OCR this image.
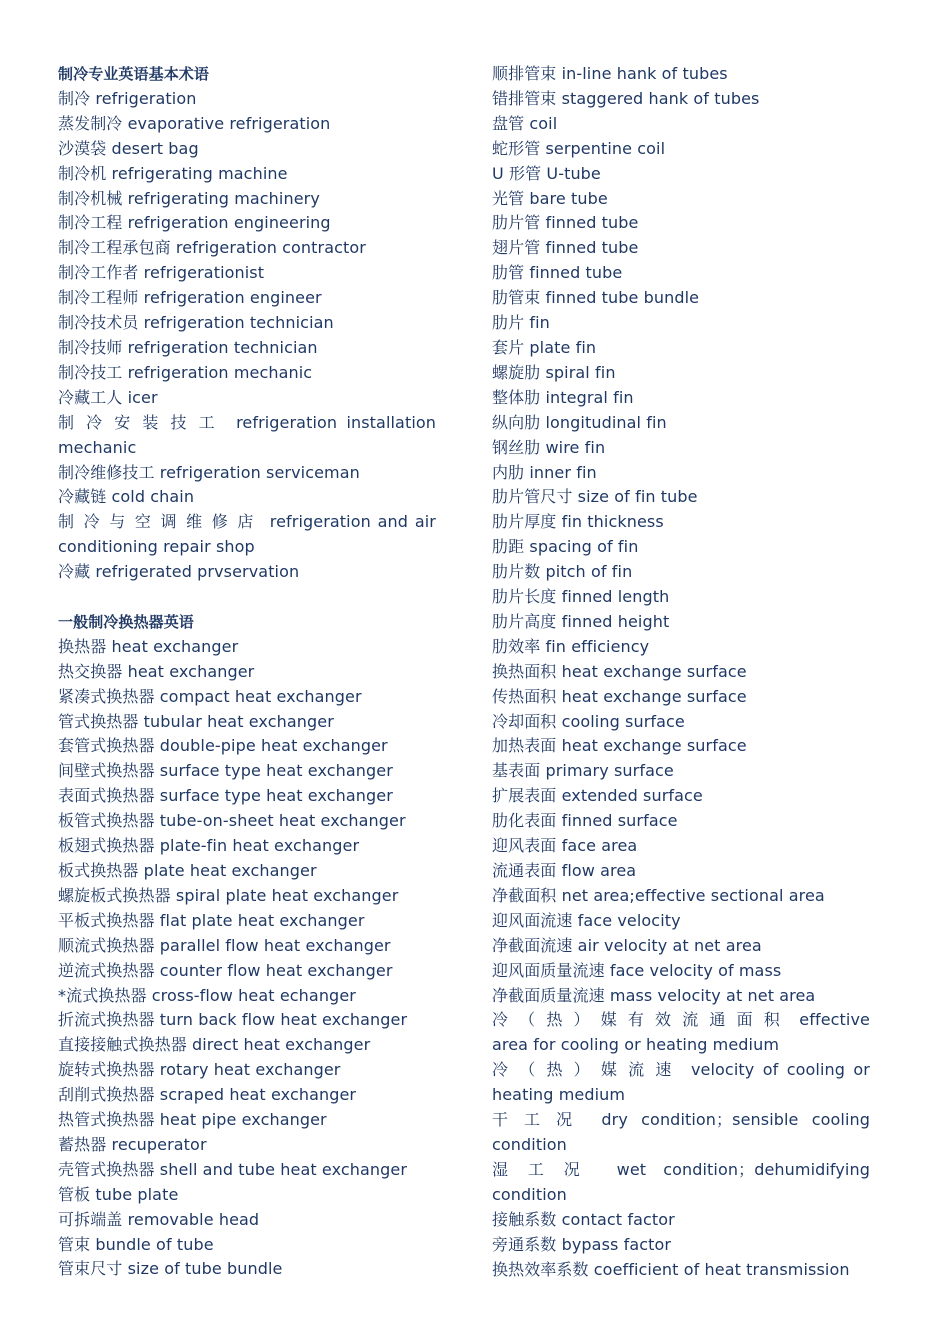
制冷专业英语基本术语
制冷 refrigeration
蒸发制冷 evaporative refrigeration
沙漠袋 desert bag
制冷机 refrigerating machine
制冷机械 refrigerating machinery
制冷工程 refrigeration engineering
制冷工程承包商 refrigeration contractor
制冷工作者 refrigerationist
制冷工程师 refrigeration engineer
制冷技术员 refrigeration technician
制冷技师 refrigeration technician
制冷技工 refrigeration mechanic
冷藏工人 icer
制冷安装技工 refrigeration installation mechanic
制冷维修技工 refrigeration serviceman
冷藏链 cold chain
制冷与空调维修店 refrigeration and air conditioning repair shop
冷藏 refrigerated prvservation
一般制冷换热器英语
换热器 heat exchanger
热交换器 heat exchanger
紧凑式换热器 compact heat exchanger
管式换热器 tubular heat exchanger
套管式换热器 double-pipe heat exchanger
间壁式换热器 surface type heat exchanger
表面式换热器 surface type heat exchanger
板管式换热器 tube-on-sheet heat exchanger
板翅式换热器 plate-fin heat exchanger
板式换热器 plate heat exchanger
螺旋板式换热器 spiral plate heat exchanger
平板式换热器 flat plate heat exchanger
顺流式换热器 parallel flow heat exchanger
逆流式换热器 counter flow heat exchanger
*流式换热器 cross-flow heat echanger
折流式换热器 turn back flow heat exchanger
直接接触式换热器 direct heat exchanger
旋转式换热器 rotary heat exchanger
刮削式换热器 scraped heat exchanger
热管式换热器 heat pipe exchanger
蓄热器 recuperator
壳管式换热器 shell and tube heat exchanger
管板 tube plate
可拆端盖 removable head
管束 bundle of tube
管束尺寸 size of tube bundle
顺排管束 in-line hank of tubes
错排管束 staggered hank of tubes
盘管 coil
蛇形管 serpentine coil
U 形管 U-tube
光管 bare tube
肋片管 finned tube
翅片管 finned tube
肋管 finned tube
肋管束 finned tube bundle
肋片 fin
套片 plate fin
螺旋肋 spiral fin
整体肋 integral fin
纵向肋 longitudinal fin
钢丝肋 wire fin
内肋 inner fin
肋片管尺寸 size of fin tube
肋片厚度 fin thickness
肋距 spacing of fin
肋片数 pitch of fin
肋片长度 finned length
肋片高度 finned height
肋效率 fin efficiency
换热面积 heat exchange surface
传热面积 heat exchange surface
冷却面积 cooling surface
加热表面 heat exchange surface
基表面 primary surface
扩展表面 extended surface
肋化表面 finned surface
迎风表面 face area
流通表面 flow area
净截面积 net area;effective sectional area
迎风面流速 face velocity
净截面流速 air velocity at net area
迎风面质量流速 face velocity of mass
净截面质量流速 mass velocity at net area
冷（热）媒有效流通面积 effective area for cooling or heating medium
冷（热）媒流速 velocity of cooling or heating medium
干工况 dry condition；sensible cooling condition
湿工况 wet condition；dehumidifying condition
接触系数 contact factor
旁通系数 bypass factor
换热效率系数 coefficient of heat transmission
